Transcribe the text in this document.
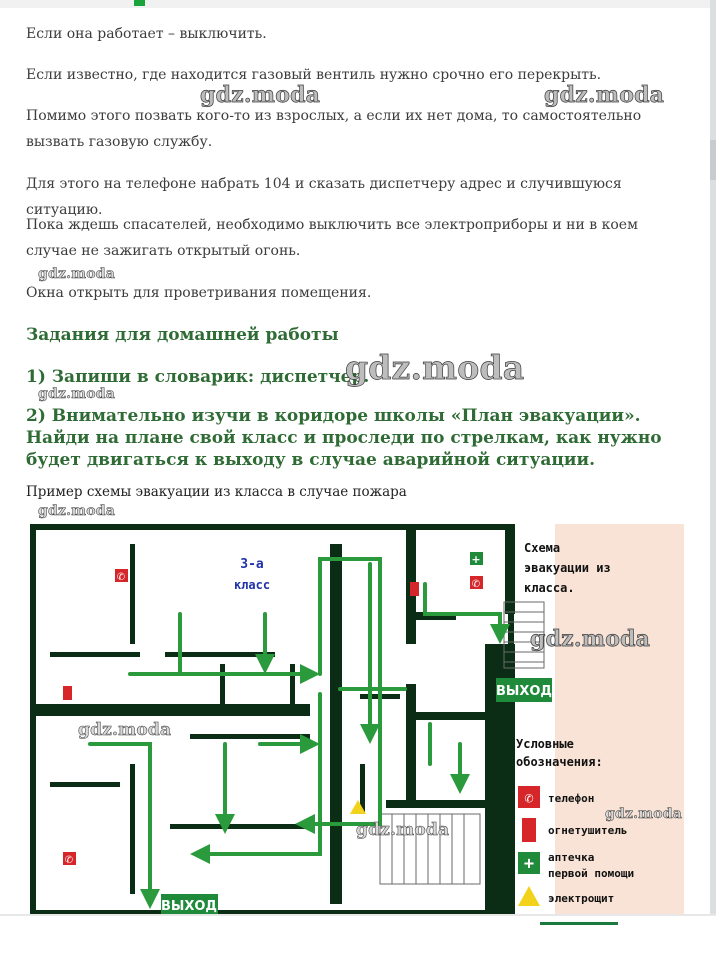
Если она работает – выключить.

Если известно, где находится газовый вентиль нужно срочно его перекрыть.

Помимо этого позвать кого-то из взрослых, а если их нет дома, то самостоятельно вызвать газовую службу.

Для этого на телефоне набрать 104 и сказать диспетчеру адрес и случившуюся ситуацию.

Пока ждешь спасателей, необходимо выключить все электроприборы и ни в коем случае не зажигать открытый огонь.

Окна открыть для проветривания помещения.

Задания для домашней работы
1) Запиши в словарик: диспетчер.
2) Внимательно изучи в коридоре школы «План эвакуации». Найди на плане свой класс и проследи по стрелкам, как нужно будет двигаться к выходу в случае аварийной ситуации.

Пример схемы эвакуации из класса в случае пожара

✆
✆
✆
+
3-а
класс
ВЫХОД
ВЫХОД
Схема
эвакуации из
класса.
Условные
обозначения:
✆ телефон
огнетушитель
+ аптечка
первой помощи
электрощит
gdz.moda	gdz.moda
gdz.moda
gdz.moda
gdz.moda
gdz.moda
gdz.moda
gdz.moda
gdz.moda
gdz.moda
